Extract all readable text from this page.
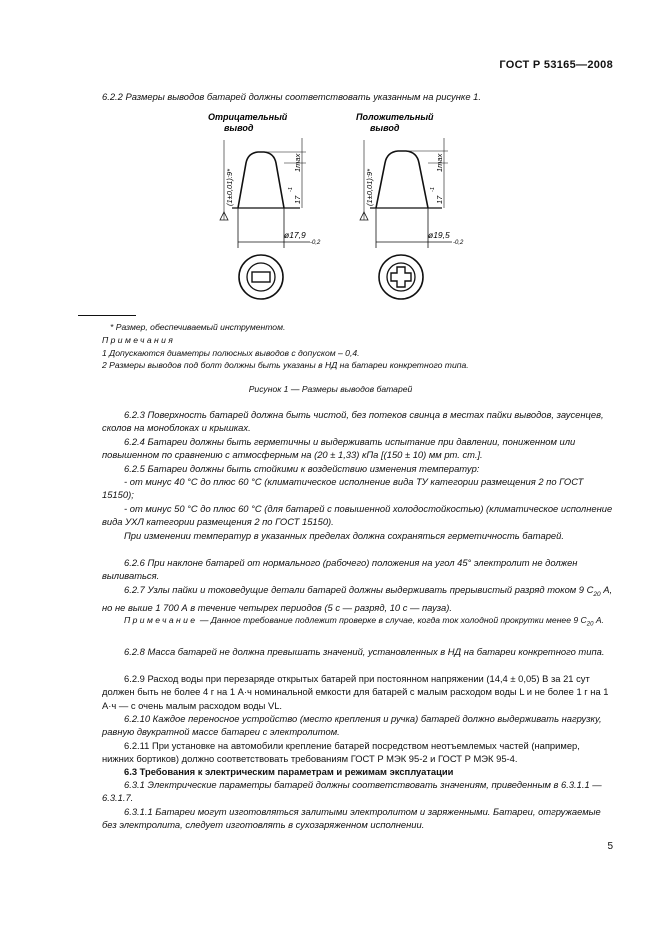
ГОСТ Р 53165—2008
6.2.2 Размеры выводов батарей должны соответствовать указанным на рисунке 1.
Отрицательный
вывод
ø17,9
-0,2
1max
17
-1
(1±0,01):9*
Положительный
вывод
ø19,5
-0,2
1max
17
-1
(1±0,01):9*
* Размер, обеспечиваемый инструментом.
Примечания
1 Допускаются диаметры полюсных выводов с допуском – 0,4.
2 Размеры выводов под болт должны быть указаны в НД на батареи конкретного типа.
Рисунок 1 — Размеры выводов батарей
6.2.3 Поверхность батарей должна быть чистой, без потеков свинца в местах пайки выводов, заусенцев, сколов на моноблоках и крышках.
6.2.4 Батареи должны быть герметичны и выдерживать испытание при давлении, пониженном или повышенном по сравнению с атмосферным на (20 ± 1,33) кПа [(150 ± 10) мм рт. ст.].
6.2.5 Батареи должны быть стойкими к воздействию изменения температур:
- от минус 40 °С до плюс 60 °С (климатическое исполнение вида ТУ категории размещения 2 по ГОСТ 15150);
- от минус 50 °С до плюс 60 °С (для батарей с повышенной холодостойкостью) (климатическое исполнение вида УХЛ категории размещения 2 по ГОСТ 15150).
При изменении температур в указанных пределах должна сохраняться герметичность батарей.
6.2.6 При наклоне батарей от нормального (рабочего) положения на угол 45° электролит не должен выливаться.
6.2.7 Узлы пайки и токоведущие детали батарей должны выдерживать прерывистый разряд током 9 $С_{20}$ А, но не выше 1 700 А в течение четырех периодов (5 с — разряд, 10 с — пауза).
Примечание — Данное требование подлежит проверке в случае, когда ток холодной прокрутки менее 9 $С_{20}$ А.
6.2.8 Масса батарей не должна превышать значений, установленных в НД на батареи конкретного типа.
6.2.9 Расход воды при перезаряде открытых батарей при постоянном напряжении (14,4 ± 0,05) В за 21 сут должен быть не более 4 г на 1 А·ч номинальной емкости для батарей с малым расходом воды L и не более 1 г на 1 А·ч — с очень малым расходом воды VL.
6.2.10 Каждое переносное устройство (место крепления и ручка) батарей должно выдерживать нагрузку, равную двукратной массе батареи с электролитом.
6.2.11 При установке на автомобили крепление батарей посредством неотъемлемых частей (например, нижних бортиков) должно соответствовать требованиям ГОСТ Р МЭК 95-2 и ГОСТ Р МЭК 95-4.
6.3 Требования к электрическим параметрам и режимам эксплуатации
6.3.1 Электрические параметры батарей должны соответствовать значениям, приведенным в 6.3.1.1 — 6.3.1.7.
6.3.1.1 Батареи могут изготовляться залитыми электролитом и заряженными. Батареи, отгружаемые без электролита, следует изготовлять в сухозаряженном исполнении.
5
